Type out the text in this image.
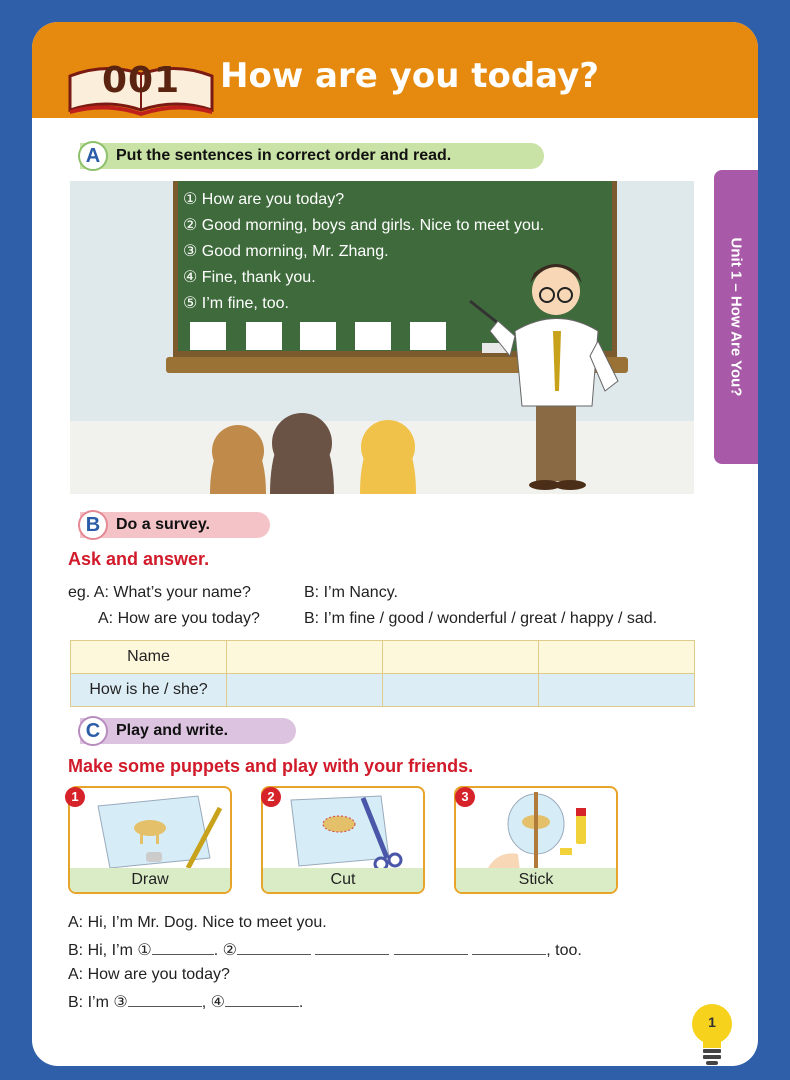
001 How are you today?
A Put the sentences in correct order and read.
① How are you today?
② Good morning, boys and girls. Nice to meet you.
③ Good morning, Mr. Zhang.
④ Fine, thank you.
⑤ I’m fine, too.
B Do a survey.
Ask and answer.
eg. A: What’s your name?	B: I’m Nancy.
A: How are you today?	B: I’m fine / good / wonderful / great / happy / sad.
Name			
How is he / she?			
C Play and write.
Make some puppets and play with your friends.
Draw
1
Cut
2
Stick
3
A: Hi, I’m Mr. Dog. Nice to meet you.
B: Hi, I’m ①	. ②	, too.
A: How are you today?
B: I’m ③	, ④	.
Unit 1 – How Are You?
1
